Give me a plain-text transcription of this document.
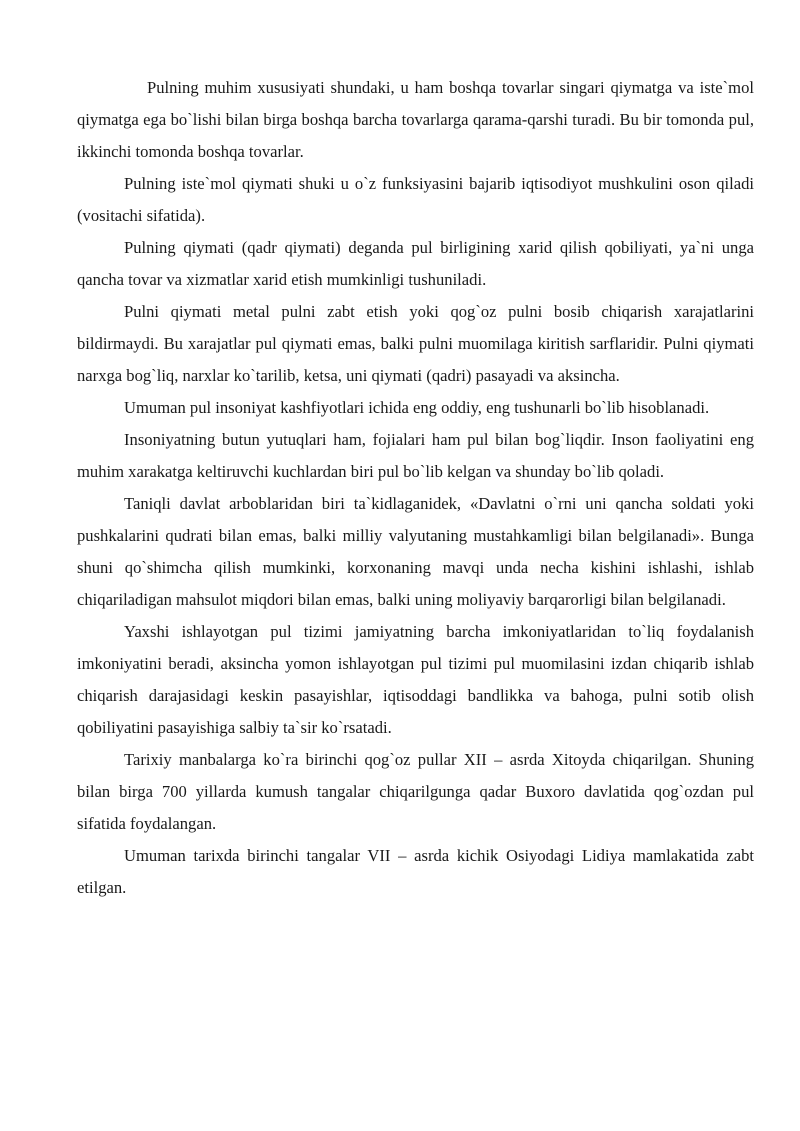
Pulning muhim xususiyati shundaki, u ham boshqa tovarlar singari qiymatga va iste`mol qiymatga ega bo`lishi bilan birga boshqa barcha tovarlarga qarama-qarshi turadi. Bu bir tomonda pul, ikkinchi tomonda boshqa tovarlar.

Pulning iste`mol qiymati shuki u o`z funksiyasini bajarib iqtisodiyot mushkulini oson qiladi (vositachi sifatida).

Pulning qiymati (qadr qiymati) deganda pul birligining xarid qilish qobiliyati, ya`ni unga qancha tovar va xizmatlar xarid etish mumkinligi tushuniladi.

Pulni qiymati metal pulni zabt etish yoki qog`oz pulni bosib chiqarish xarajatlarini bildirmaydi. Bu xarajatlar pul qiymati emas, balki pulni muomilaga kiritish sarflaridir. Pulni qiymati narxga bog`liq, narxlar ko`tarilib, ketsa, uni qiymati (qadri) pasayadi va aksincha.

Umuman pul insoniyat kashfiyotlari ichida eng oddiy, eng tushunarli bo`lib hisoblanadi.

Insoniyatning butun yutuqlari ham, fojialari ham pul bilan bog`liqdir. Inson faoliyatini eng muhim xarakatga keltiruvchi kuchlardan biri pul bo`lib kelgan va shunday bo`lib qoladi.

Taniqli davlat arboblaridan biri ta`kidlaganidek, «Davlatni o`rni uni qancha soldati yoki pushkalarini qudrati bilan emas, balki milliy valyutaning mustahkamligi bilan belgilanadi». Bunga shuni qo`shimcha qilish mumkinki, korxonaning mavqi unda necha kishini ishlashi, ishlab chiqariladigan mahsulot miqdori bilan emas, balki uning moliyaviy barqarorligi bilan belgilanadi.

Yaxshi ishlayotgan pul tizimi jamiyatning barcha imkoniyatlaridan to`liq foydalanish imkoniyatini beradi, aksincha yomon ishlayotgan pul tizimi pul muomilasini izdan chiqarib ishlab chiqarish darajasidagi keskin pasayishlar, iqtisoddagi bandlikka va bahoga, pulni sotib olish qobiliyatini pasayishiga salbiy ta`sir ko`rsatadi.

Tarixiy manbalarga ko`ra birinchi qog`oz pullar XII – asrda Xitoyda chiqarilgan. Shuning bilan birga 700 yillarda kumush tangalar chiqarilgunga qadar Buxoro davlatida qog`ozdan pul sifatida foydalangan.

Umuman tarixda birinchi tangalar VII – asrda kichik Osiyodagi Lidiya mamlakatida zabt etilgan.
